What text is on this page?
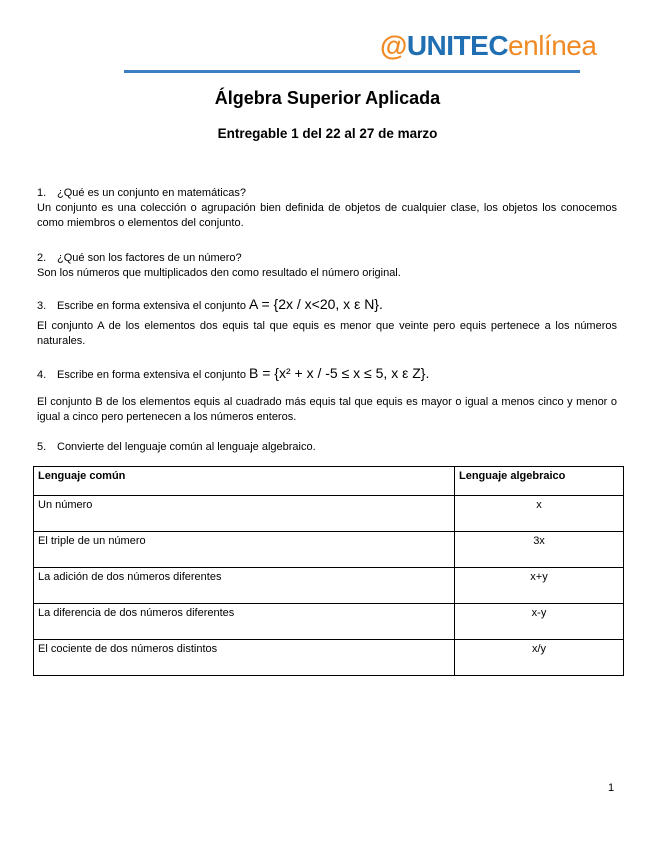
@UNITECenlínea
Álgebra Superior Aplicada
Entregable 1 del 22 al 27 de marzo
1. ¿Qué es un conjunto en matemáticas?
Un conjunto es una colección o agrupación bien definida de objetos de cualquier clase, los objetos los conocemos como miembros o elementos del conjunto.
2. ¿Qué son los factores de un número?
Son los números que multiplicados den como resultado el número original.
3. Escribe en forma extensiva el conjunto A = {2x / x<20, x ε N}.
El conjunto A de los elementos dos equis tal que equis es menor que veinte pero equis pertenece a los números naturales.
4. Escribe en forma extensiva el conjunto B = {x² + x / -5 ≤ x ≤ 5, x ε Z}.
El conjunto B de los elementos equis al cuadrado más equis tal que equis es mayor o igual a menos cinco y menor o igual a cinco pero pertenecen a los números enteros.
5. Convierte del lenguaje común al lenguaje algebraico.
Lenguaje común	Lenguaje algebraico
Un número	x
El triple de un número	3x
La adición de dos números diferentes	x+y
La diferencia de dos números diferentes	x-y
El cociente de dos números distintos	x/y
1
